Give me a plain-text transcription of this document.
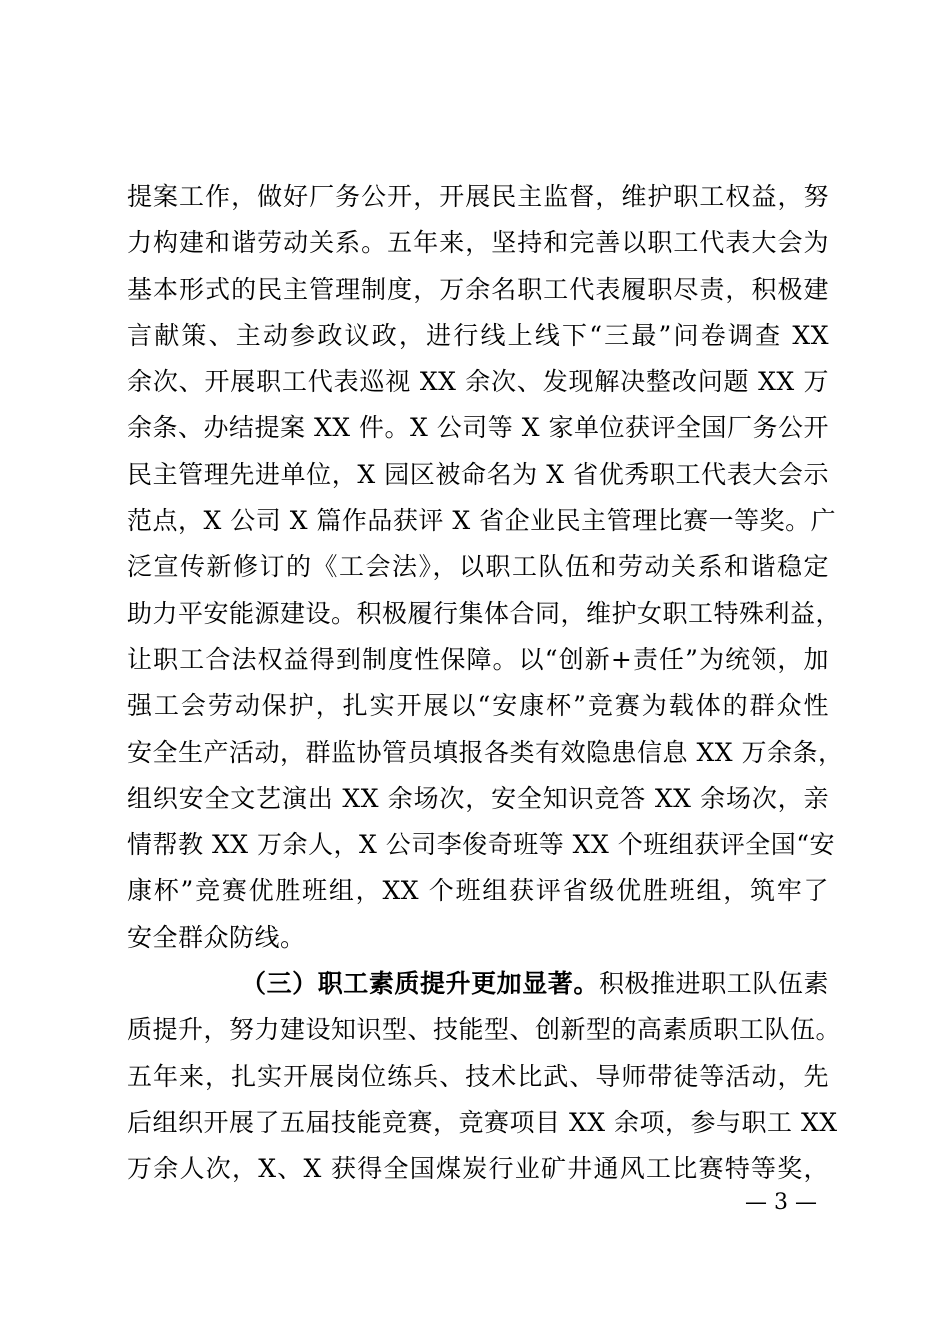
提案工作，做好厂务公开，开展民主监督，维护职工权益，努
力构建和谐劳动关系。五年来，坚持和完善以职工代表大会为
基本形式的民主管理制度，万余名职工代表履职尽责，积极建
言献策、主动参政议政，进行线上线下“三最”问卷调查 XX
余次、开展职工代表巡视 XX 余次、发现解决整改问题 XX 万
余条、办结提案 XX 件。X 公司等 X 家单位获评全国厂务公开
民主管理先进单位，X 园区被命名为 X 省优秀职工代表大会示
范点，X 公司 X 篇作品获评 X 省企业民主管理比赛一等奖。广
泛宣传新修订的《工会法》，以职工队伍和劳动关系和谐稳定
助力平安能源建设。积极履行集体合同，维护女职工特殊利益，
让职工合法权益得到制度性保障。以“创新+责任”为统领，加
强工会劳动保护，扎实开展以“安康杯”竞赛为载体的群众性
安全生产活动，群监协管员填报各类有效隐患信息 XX 万余条，
组织安全文艺演出 XX 余场次，安全知识竞答 XX 余场次，亲
情帮教 XX 万余人，X 公司李俊奇班等 XX 个班组获评全国“安
康杯”竞赛优胜班组，XX 个班组获评省级优胜班组，筑牢了
安全群众防线。
（三）职工素质提升更加显著。积极推进职工队伍素
质提升，努力建设知识型、技能型、创新型的高素质职工队伍。
五年来，扎实开展岗位练兵、技术比武、导师带徒等活动，先
后组织开展了五届技能竞赛，竞赛项目 XX 余项，参与职工 XX
万余人次，X、X 获得全国煤炭行业矿井通风工比赛特等奖，
— 3 —
